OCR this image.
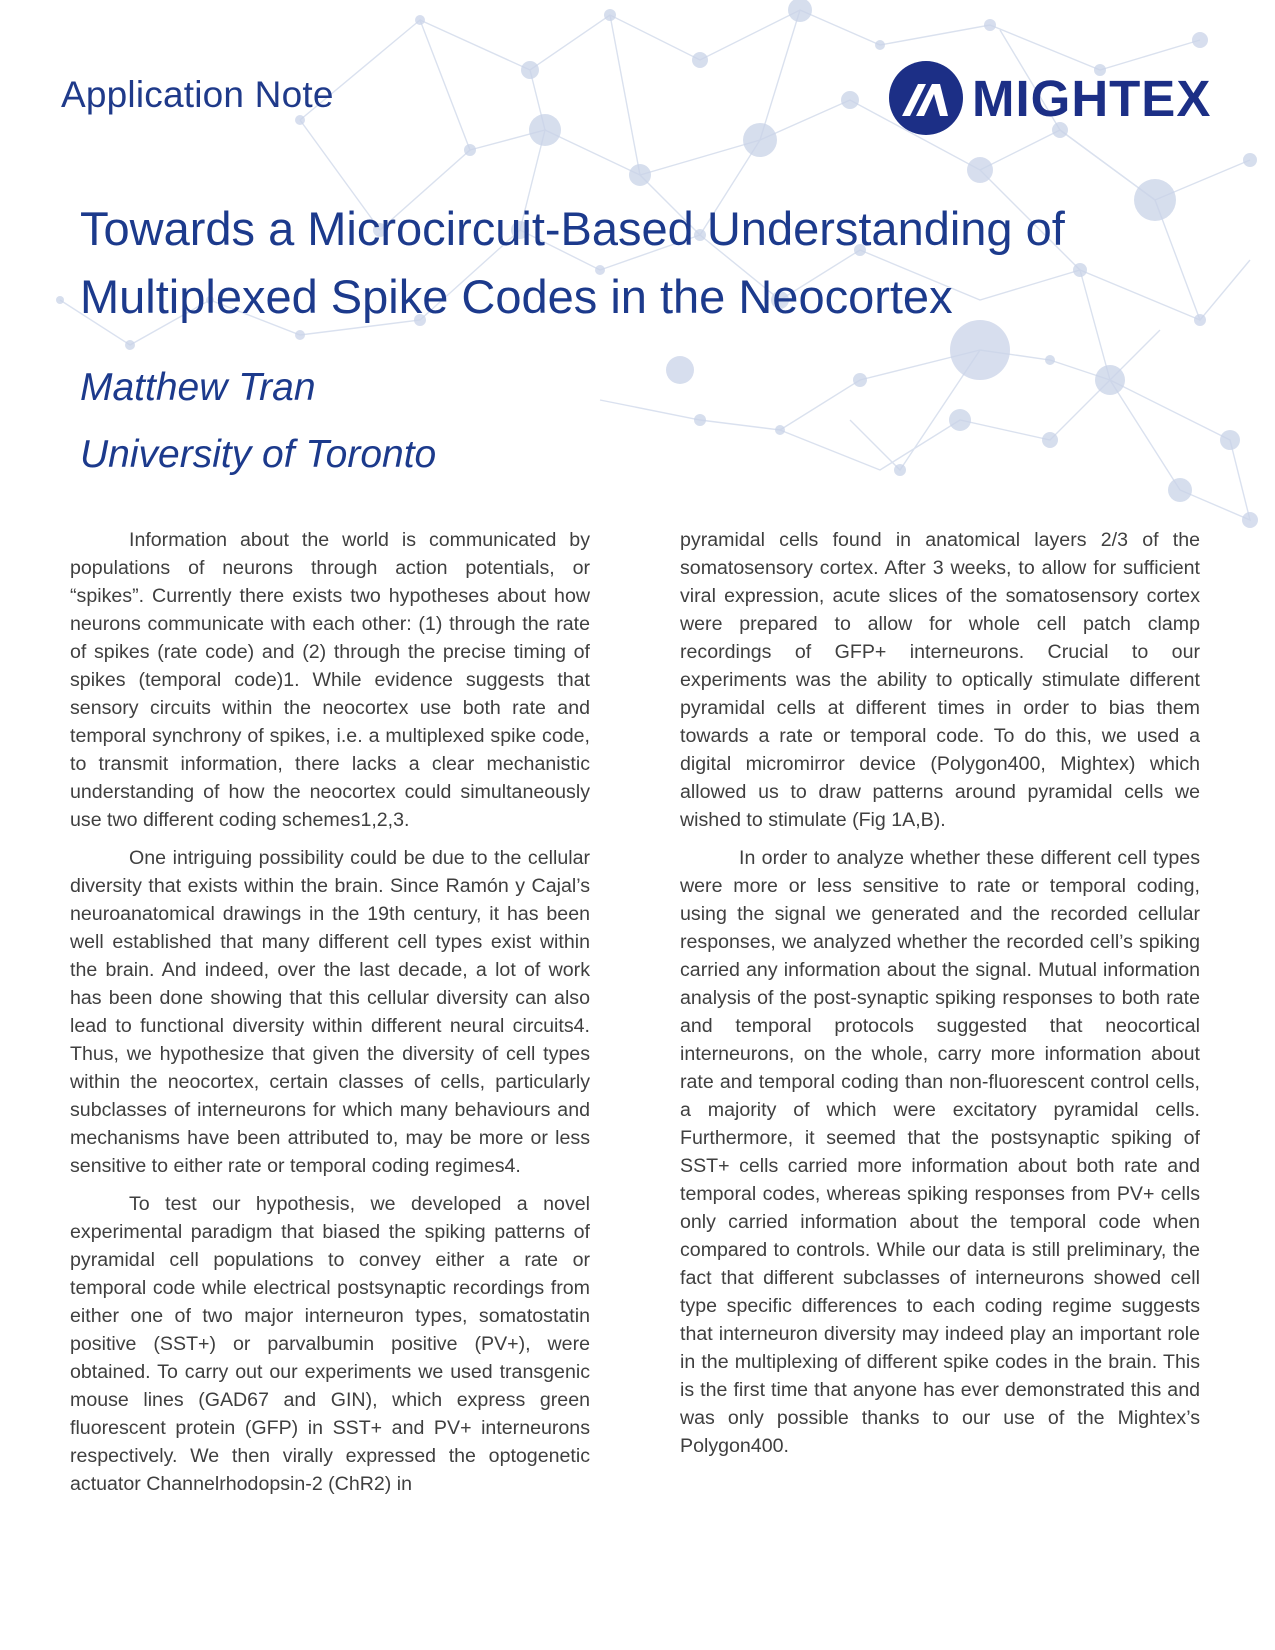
Application Note	MIGHTEX
Towards a Microcircuit-Based Understanding of
Multiplexed Spike Codes in the Neocortex

Matthew Tran

University of Toronto

Information about the world is communicated by populations of neurons through action potentials, or “spikes”. Currently there exists two hypotheses about how neurons communicate with each other: (1) through the rate of spikes (rate code) and (2) through the precise timing of spikes (temporal code)1. While evidence suggests that sensory circuits within the neocortex use both rate and temporal synchrony of spikes, i.e. a multiplexed spike code, to transmit information, there lacks a clear mechanistic understanding of how the neocortex could simultaneously use two different coding schemes1,2,3.

One intriguing possibility could be due to the cellular diversity that exists within the brain. Since Ramón y Cajal’s neuroanatomical drawings in the 19th century, it has been well established that many different cell types exist within the brain. And indeed, over the last decade, a lot of work has been done showing that this cellular diversity can also lead to functional diversity within different neural circuits4. Thus, we hypothesize that given the diversity of cell types within the neocortex, certain classes of cells, particularly subclasses of interneurons for which many behaviours and mechanisms have been attributed to, may be more or less sensitive to either rate or temporal coding regimes4.

To test our hypothesis, we developed a novel experimental paradigm that biased the spiking patterns of pyramidal cell populations to convey either a rate or temporal code while electrical postsynaptic recordings from either one of two major interneuron types, somatostatin positive (SST+) or parvalbumin positive (PV+), were obtained. To carry out our experiments we used transgenic mouse lines (GAD67 and GIN), which express green fluorescent protein (GFP) in SST+ and PV+ interneurons respectively. We then virally expressed the optogenetic actuator Channelrhodopsin-2 (ChR2) in

pyramidal cells found in anatomical layers 2/3 of the somatosensory cortex. After 3 weeks, to allow for sufficient viral expression, acute slices of the somatosensory cortex were prepared to allow for whole cell patch clamp recordings of GFP+ interneurons. Crucial to our experiments was the ability to optically stimulate different pyramidal cells at different times in order to bias them towards a rate or temporal code. To do this, we used a digital micromirror device (Polygon400, Mightex) which allowed us to draw patterns around pyramidal cells we wished to stimulate (Fig 1A,B).

In order to analyze whether these different cell types were more or less sensitive to rate or temporal coding, using the signal we generated and the recorded cellular responses, we analyzed whether the recorded cell’s spiking carried any information about the signal. Mutual information analysis of the post-synaptic spiking responses to both rate and temporal protocols suggested that neocortical interneurons, on the whole, carry more information about rate and temporal coding than non-fluorescent control cells, a majority of which were excitatory pyramidal cells. Furthermore, it seemed that the postsynaptic spiking of SST+ cells carried more information about both rate and temporal codes, whereas spiking responses from PV+ cells only carried information about the temporal code when compared to controls. While our data is still preliminary, the fact that different subclasses of interneurons showed cell type specific differences to each coding regime suggests that interneuron diversity may indeed play an important role in the multiplexing of different spike codes in the brain. This is the first time that anyone has ever demonstrated this and was only possible thanks to our use of the Mightex’s Polygon400.
